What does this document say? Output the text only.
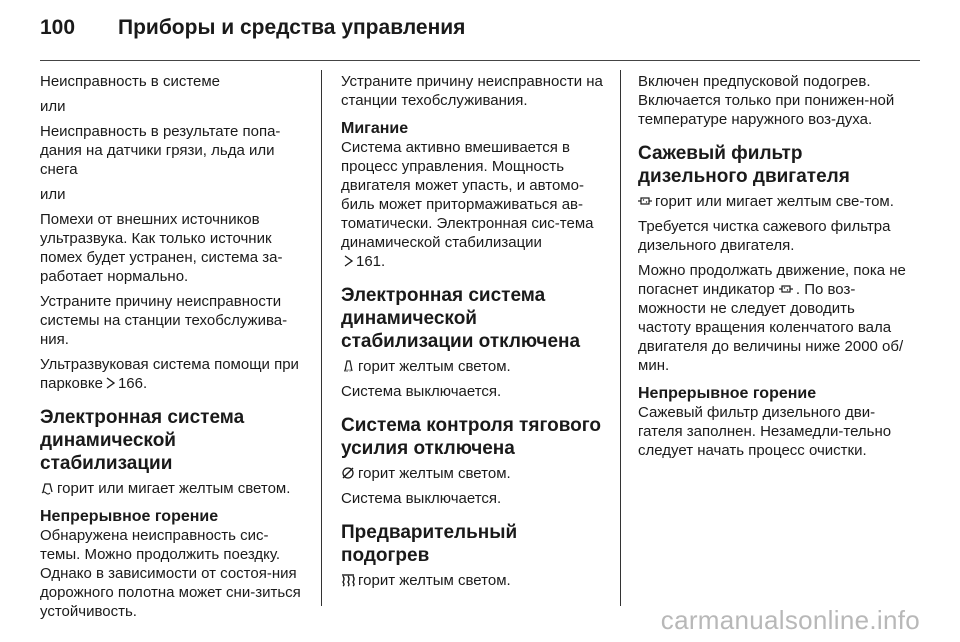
100	Приборы и средства управления

Неисправность в системе

или

Неисправность в результате попа-дания на датчики грязи, льда или снега

или

Помехи от внешних источников ультразвука. Как только источник помех будет устранен, система за-работает нормально.

Устраните причину неисправности системы на станции техобслужива-ния.

Ультразвуковая система помощи при парковке 166.

Электронная система динамической стабилизации

горит или мигает желтым светом.

Непрерывное горение

Обнаружена неисправность сис-темы. Можно продолжить поездку. Однако в зависимости от состоя-ния дорожного полотна может сни-зиться устойчивость.

Устраните причину неисправности на станции техобслуживания.

Мигание

Система активно вмешивается в процесс управления. Мощность двигателя может упасть, и автомо-биль может притормаживаться ав-томатически. Электронная сис-тема динамической стабилизации
161.

Электронная система динамической стабилизации отключена

OFF горит желтым светом.

Система выключается.

Система контроля тягового усилия отключена

горит желтым светом.

Система выключается.

Предварительный подогрев

горит желтым светом.

Включен предпусковой подогрев. Включается только при понижен-ной температуре наружного воз-духа.

Сажевый фильтр дизельного двигателя

горит или мигает желтым све-том.

Требуется чистка сажевого фильтра дизельного двигателя.

Можно продолжать движение, пока не погаснет индикатор . По воз-можности не следует доводить частоту вращения коленчатого вала двигателя до величины ниже 2000 об/мин.

Непрерывное горение

Сажевый фильтр дизельного дви-гателя заполнен. Незамедли-тельно следует начать процесс очистки.

carmanualsonline.info
